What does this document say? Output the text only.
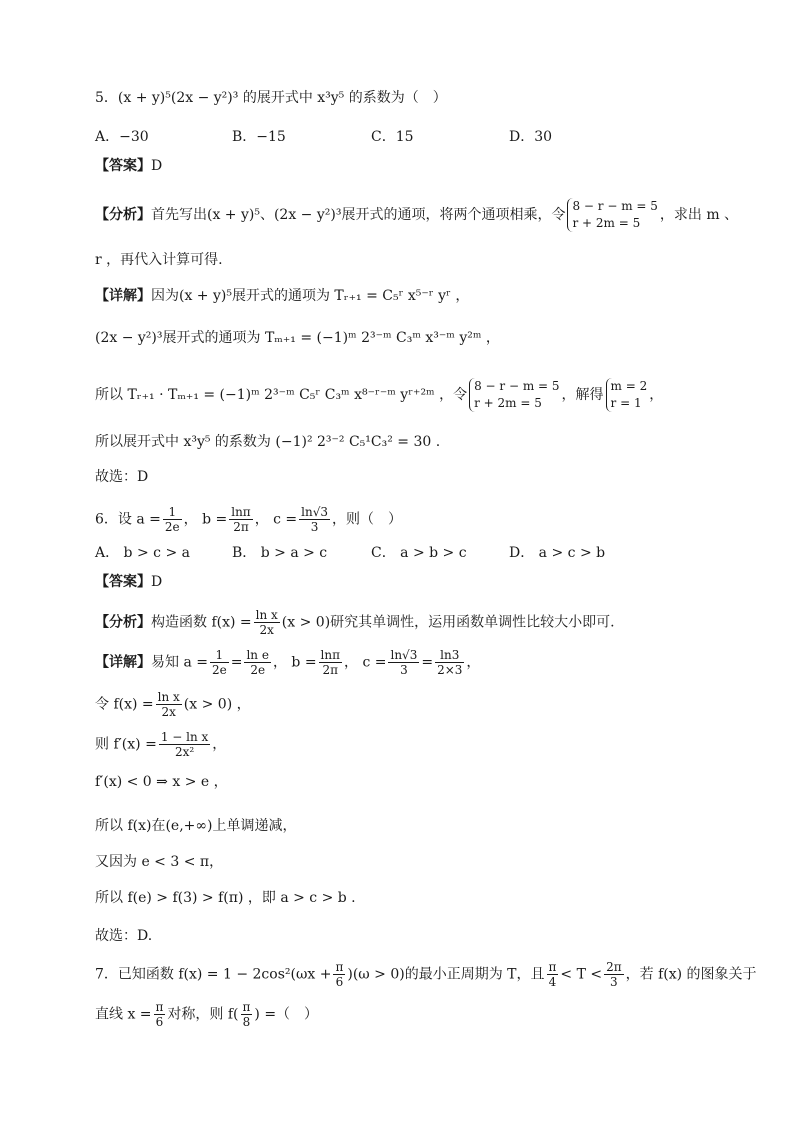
5．(x + y)⁵(2x − y²)³ 的展开式中 x³y⁵ 的系数为（　）
A．−30	B．−15	C．15	D．30
【答案】D
【分析】首先写出(x + y)⁵、(2x − y²)³展开式的通项，将两个通项相乘，令
8 − r − m = 5
r + 2m = 5	，求出 m 、
r ，再代入计算可得.
【详解】因为(x + y)⁵展开式的通项为 Tᵣ₊₁ = C₅ʳ x⁵⁻ʳ yʳ ，
(2x − y²)³展开式的通项为 Tₘ₊₁ = (−1)ᵐ 2³⁻ᵐ C₃ᵐ x³⁻ᵐ y²ᵐ ，
所以 Tᵣ₊₁ · Tₘ₊₁ = (−1)ᵐ 2³⁻ᵐ C₅ʳ C₃ᵐ x⁸⁻ʳ⁻ᵐ yʳ⁺²ᵐ ，令
8 − r − m = 5
r + 2m = 5	，解得
m = 2
r = 1 ，
所以展开式中 x³y⁵ 的系数为 (−1)² 2³⁻² C₅¹C₃² = 30 .
故选：D
6．设 $a = \frac{1}{2e}$ ， $b = \frac{\ln\pi}{2\pi}$ ， $c = \frac{\ln√3}{3}$ ，则（　）
A． b > c > a	B． b > a > c	C． a > b > c	D． a > c > b
【答案】D
【分析】构造函数 $f(x) = \frac{\text{ln x}}{2x} (x > 0)$研究其单调性，运用函数单调性比较大小即可.
【详解】易知 $a = \frac{1}{2e} = \frac{\text{ln e}}{2e}$ ， $b = \frac{\ln\pi}{2\pi}$ ， $c = \frac{\ln√3}{3} = \frac{\ln 3}{2\times 3}$ ，
令 $f(x) = \frac{\text{ln x}}{2x} (x > 0)$ ，
则 $f'(x) = \frac{\text{1 − ln x}}{\text{2x²}}$ ，
f′(x) < 0 ⇒ x > e ，
所以 f(x)在(e,+∞)上单调递减，
又因为 e < 3 < π，
所以 f(e) > f(3) > f(π) ，即 a > c > b .
故选：D.
7．已知函数 $f(x) = 1 - 2\cos^2(\omega x + \frac{\pi}{6} )(\omega > 0)$的最小正周期为 T，且 $\frac{\pi}{4} < T < \frac{2\pi}{3}$ ，若 f(x) 的图象关于
直线 $x = \frac{\pi}{6}$ 对称，则 $f( \frac{\pi}{8}$ ) =（　）
